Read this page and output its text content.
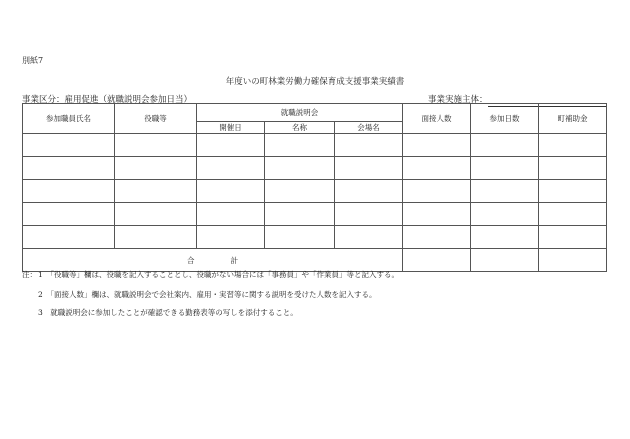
別紙7
年度いの町林業労働力確保育成支援事業実績書
事業区分：雇用促進（就職説明会参加日当）	事業実施主体：
参加職員氏名	役職等	就職説明会			面接人数	参加日数	町補助金
		開催日	名称	会場名			

合 計							
注： 1　「役職等」欄は、役職を記入することとし、役職がない場合には「事務員」や「作業員」等と記入する。
2　「面接人数」欄は、就職説明会で会社案内、雇用・実習等に関する説明を受けた人数を記入する。
3　就職説明会に参加したことが確認できる勤務表等の写しを添付すること。
